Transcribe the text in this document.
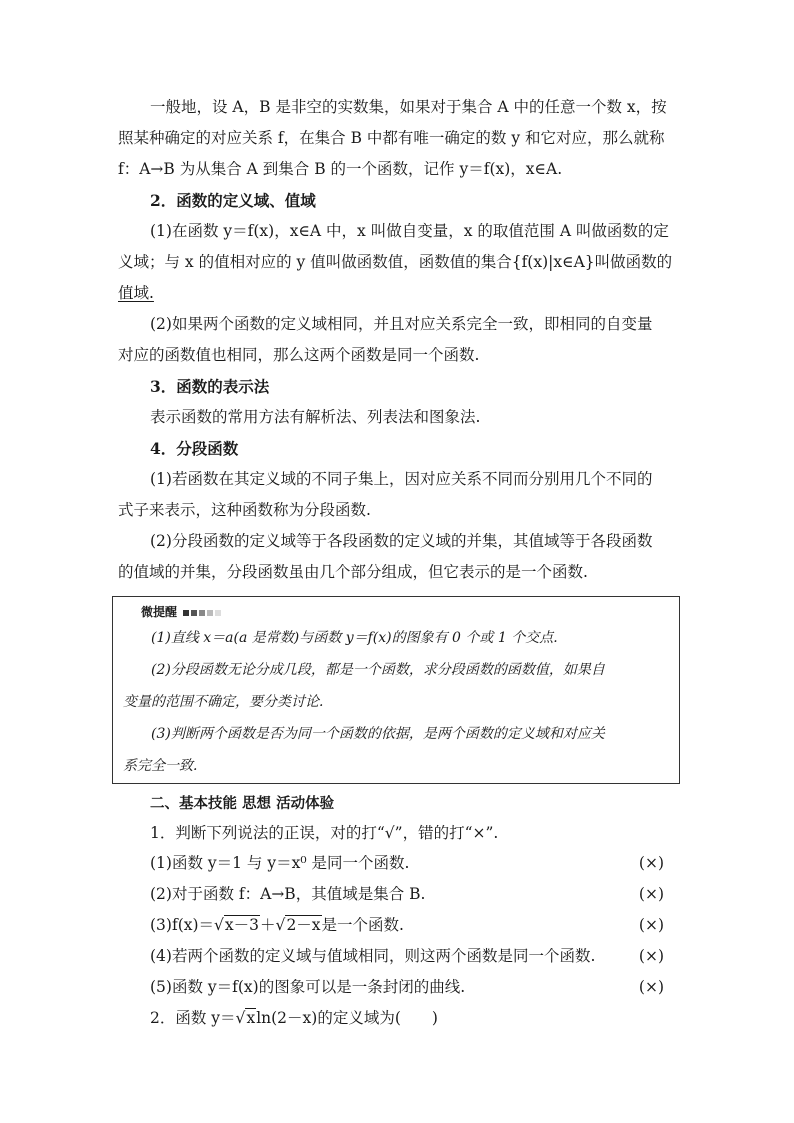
一般地，设 A，B 是非空的实数集，如果对于集合 A 中的任意一个数 x，按

照某种确定的对应关系 f，在集合 B 中都有唯一确定的数 y 和它对应，那么就称

f：A→B 为从集合 A 到集合 B 的一个函数，记作 y＝f(x)，x∈A.

2．函数的定义域、值域

(1)在函数 y＝f(x)，x∈A 中，x 叫做自变量，x 的取值范围 A 叫做函数的定

义域；与 x 的值相对应的 y 值叫做函数值，函数值的集合{f(x)|x∈A}叫做函数的

值域.

(2)如果两个函数的定义域相同，并且对应关系完全一致，即相同的自变量

对应的函数值也相同，那么这两个函数是同一个函数.

3．函数的表示法

表示函数的常用方法有解析法、列表法和图象法.

4．分段函数

(1)若函数在其定义域的不同子集上，因对应关系不同而分别用几个不同的

式子来表示，这种函数称为分段函数.

(2)分段函数的定义域等于各段函数的定义域的并集，其值域等于各段函数

的值域的并集，分段函数虽由几个部分组成，但它表示的是一个函数.

微提醒
(1)直线 x＝a(a 是常数)与函数 y＝f(x)的图象有 0 个或 1 个交点.
(2)分段函数无论分成几段，都是一个函数，求分段函数的函数值，如果自
变量的范围不确定，要分类讨论.
(3)判断两个函数是否为同一个函数的依据，是两个函数的定义域和对应关
系完全一致.

二、基本技能 思想 活动体验

1．判断下列说法的正误，对的打“√”，错的打“×”.

(1)函数 y＝1 与 y＝x⁰ 是同一个函数.	(×)
(2)对于函数 f：A→B，其值域是集合 B.	(×)
(3)f(x)＝√x－3＋√2－x是一个函数.	(×)
(4)若两个函数的定义域与值域相同，则这两个函数是同一个函数.	(×)
(5)函数 y＝f(x)的图象可以是一条封闭的曲线.	(×)
2．函数 y＝√xln(2－x)的定义域为(　　)
